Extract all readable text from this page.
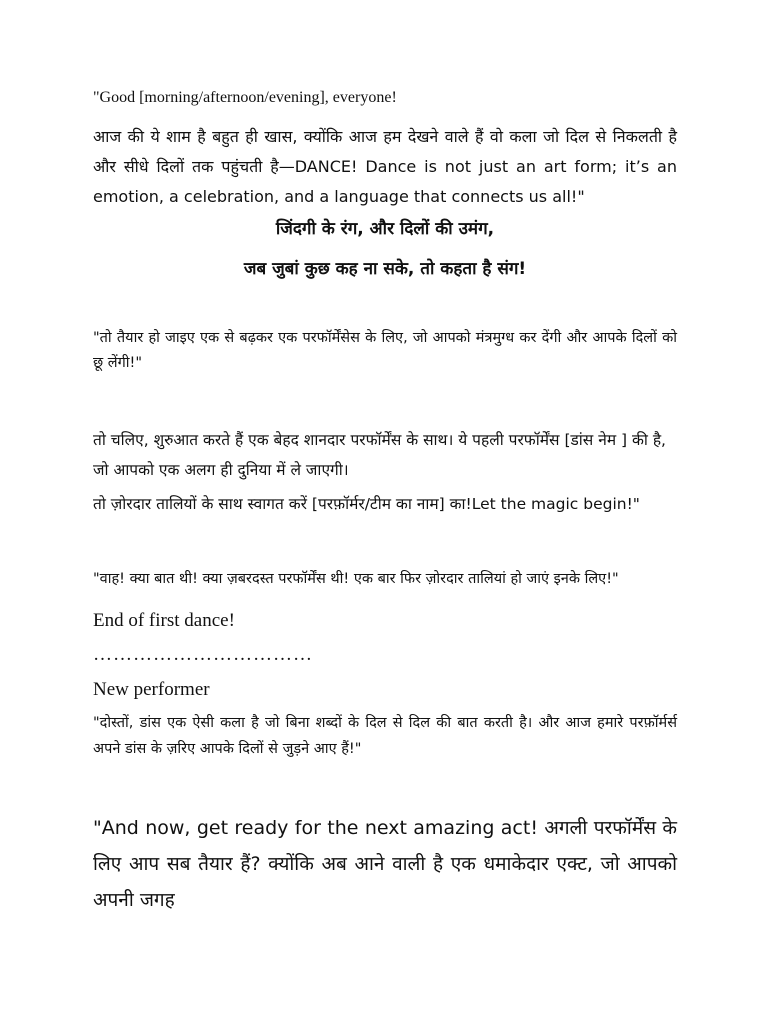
"Good [morning/afternoon/evening], everyone!

आज की ये शाम है बहुत ही खास, क्योंकि आज हम देखने वाले हैं वो कला जो दिल से निकलती है और सीधे दिलों तक पहुंचती है—DANCE! Dance is not just an art form; it’s an emotion, a celebration, and a language that connects us all!"

जिंदगी के रंग, और दिलों की उमंग,

जब जुबां कुछ कह ना सके, तो कहता है संग!

"तो तैयार हो जाइए एक से बढ़कर एक परफॉर्मेंसेस के लिए, जो आपको मंत्रमुग्ध कर देंगी और आपके दिलों को छू लेंगी!"

तो चलिए, शुरुआत करते हैं एक बेहद शानदार परफॉर्मेंस के साथ। ये पहली परफॉर्मेंस [डांस नेम ] की है, जो आपको एक अलग ही दुनिया में ले जाएगी।

तो ज़ोरदार तालियों के साथ स्वागत करें [परफ़ॉर्मर/टीम का नाम] का!Let the magic begin!"

"वाह! क्या बात थी! क्या ज़बरदस्त परफॉर्मेंस थी! एक बार फिर ज़ोरदार तालियां हो जाएं इनके लिए!"

End of first dance!

……………………………

New performer

"दोस्तों, डांस एक ऐसी कला है जो बिना शब्दों के दिल से दिल की बात करती है। और आज हमारे परफ़ॉर्मर्स अपने डांस के ज़रिए आपके दिलों से जुड़ने आए हैं!"

"And now, get ready for the next amazing act! अगली परफॉर्मेंस के लिए आप सब तैयार हैं? क्योंकि अब आने वाली है एक धमाकेदार एक्ट, जो आपको अपनी जगह
